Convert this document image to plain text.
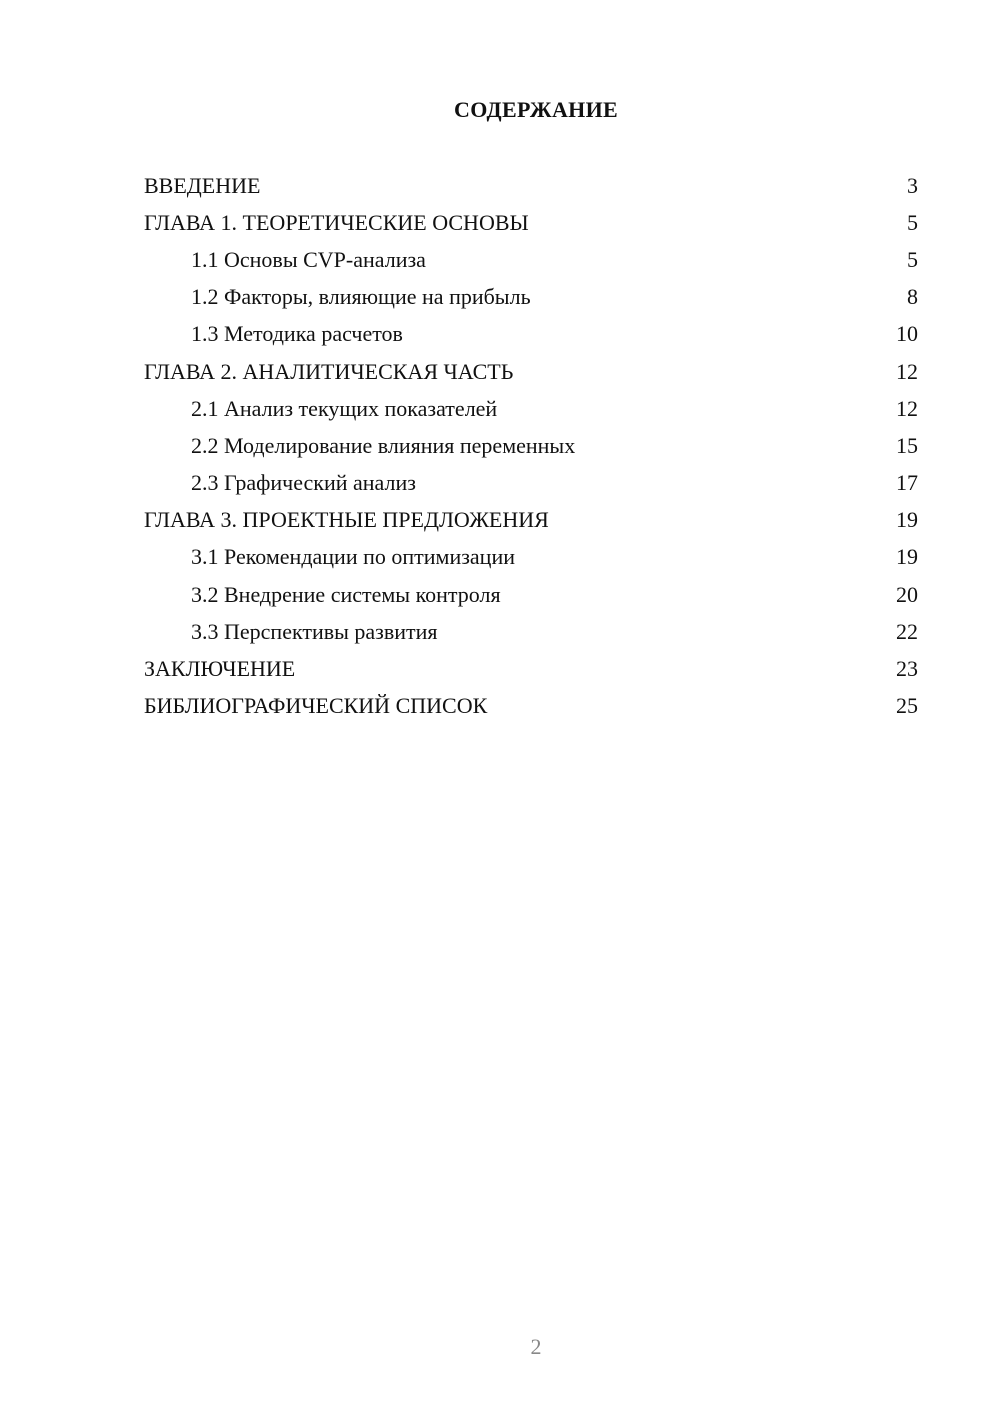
СОДЕРЖАНИЕ
ВВЕДЕНИЕ	3
ГЛАВА 1. ТЕОРЕТИЧЕСКИЕ ОСНОВЫ	5
1.1 Основы CVP-анализа	5
1.2 Факторы, влияющие на прибыль	8
1.3 Методика расчетов	10
ГЛАВА 2. АНАЛИТИЧЕСКАЯ ЧАСТЬ	12
2.1 Анализ текущих показателей	12
2.2 Моделирование влияния переменных	15
2.3 Графический анализ	17
ГЛАВА 3. ПРОЕКТНЫЕ ПРЕДЛОЖЕНИЯ	19
3.1 Рекомендации по оптимизации	19
3.2 Внедрение системы контроля	20
3.3 Перспективы развития	22
ЗАКЛЮЧЕНИЕ	23
БИБЛИОГРАФИЧЕСКИЙ СПИСОК	25
2
